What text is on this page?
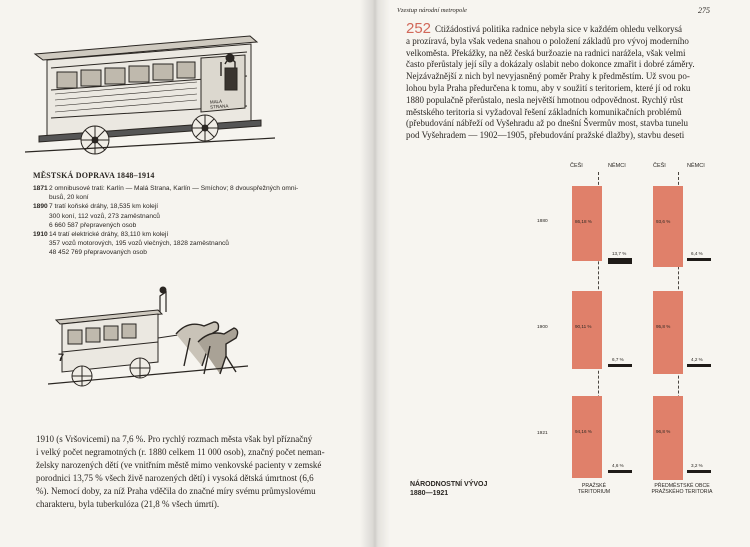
MALÁ
STRANA
MĚSTSKÁ DOPRAVA 1848–1914
1871 2 omnibusové trati: Karlín — Malá Strana, Karlín — Smíchov; 8 dvouspřežných omni-
busů, 20 koní
1890 7 tratí koňské dráhy, 18,535 km kolejí
300 koní, 112 vozů, 273 zaměstnanců
6 660 587 přepravených osob
1910 14 tratí elektrické dráhy, 83,110 km kolejí
357 vozů motorových, 195 vozů vlečných, 1828 zaměstnanců
48 452 769 přepravovaných osob
7
1910 (s Vršovicemi) na 7,6 %. Pro rychlý rozmach města však byl příznačný
i velký počet negramotných (r. 1880 celkem 11 000 osob), značný počet neman-
želsky narozených dětí (ve vnitřním městě mimo venkovské pacienty v zemské
porodnici 13,75 % všech živě narozených dětí) i vysoká dětská úmrtnost (6,6
%). Nemocí doby, za níž Praha vděčila do značné míry svému průmyslovému
charakteru, byla tuberkulóza (21,8 % všech úmrtí).
Vzestup národní metropole	275
252 Ctižádostivá politika radnice nebyla sice v každém ohledu velkorysá
a prozíravá, byla však vedena snahou o položení základů pro vývoj moderního
velkoměsta. Překážky, na něž česká buržoazie na radnici narážela, však velmi
často přerůstaly její síly a dokázaly oslabit nebo dokonce zmařit i dobré záměry.
Nejzávažnější z nich byl nevyjasněný poměr Prahy k předměstím. Už svou po-
lohou byla Praha předurčena k tomu, aby v soužití s teritoriem, které jí od roku
1880 populačně přerůstalo, nesla největší hmotnou odpovědnost. Rychlý růst
městského teritoria si vyžadoval řešení základních komunikačních problémů
(přebudování nábřeží od Vyšehradu až po dnešní Švermův most, stavba tunelu
pod Vyšehradem — 1902—1905, přebudování pražské dlažby), stavbu deseti
ČEŠI	NĚMCI	ČEŠI	NĚMCI
1880
1900
1921
PRAŽSKÉ TERITORIUM
PŘEDMĚSTSKÉ OBCE PRAŽSKÉHO TERITORIA
86,18 %
90,11 %
94,16 %
13,7 %
6,7 %
4,6 %
93,6 %
95,8 %
96,8 %
6,4 %
4,2 %
3,2 %
NÁRODNOSTNÍ VÝVOJ
1880—1921
